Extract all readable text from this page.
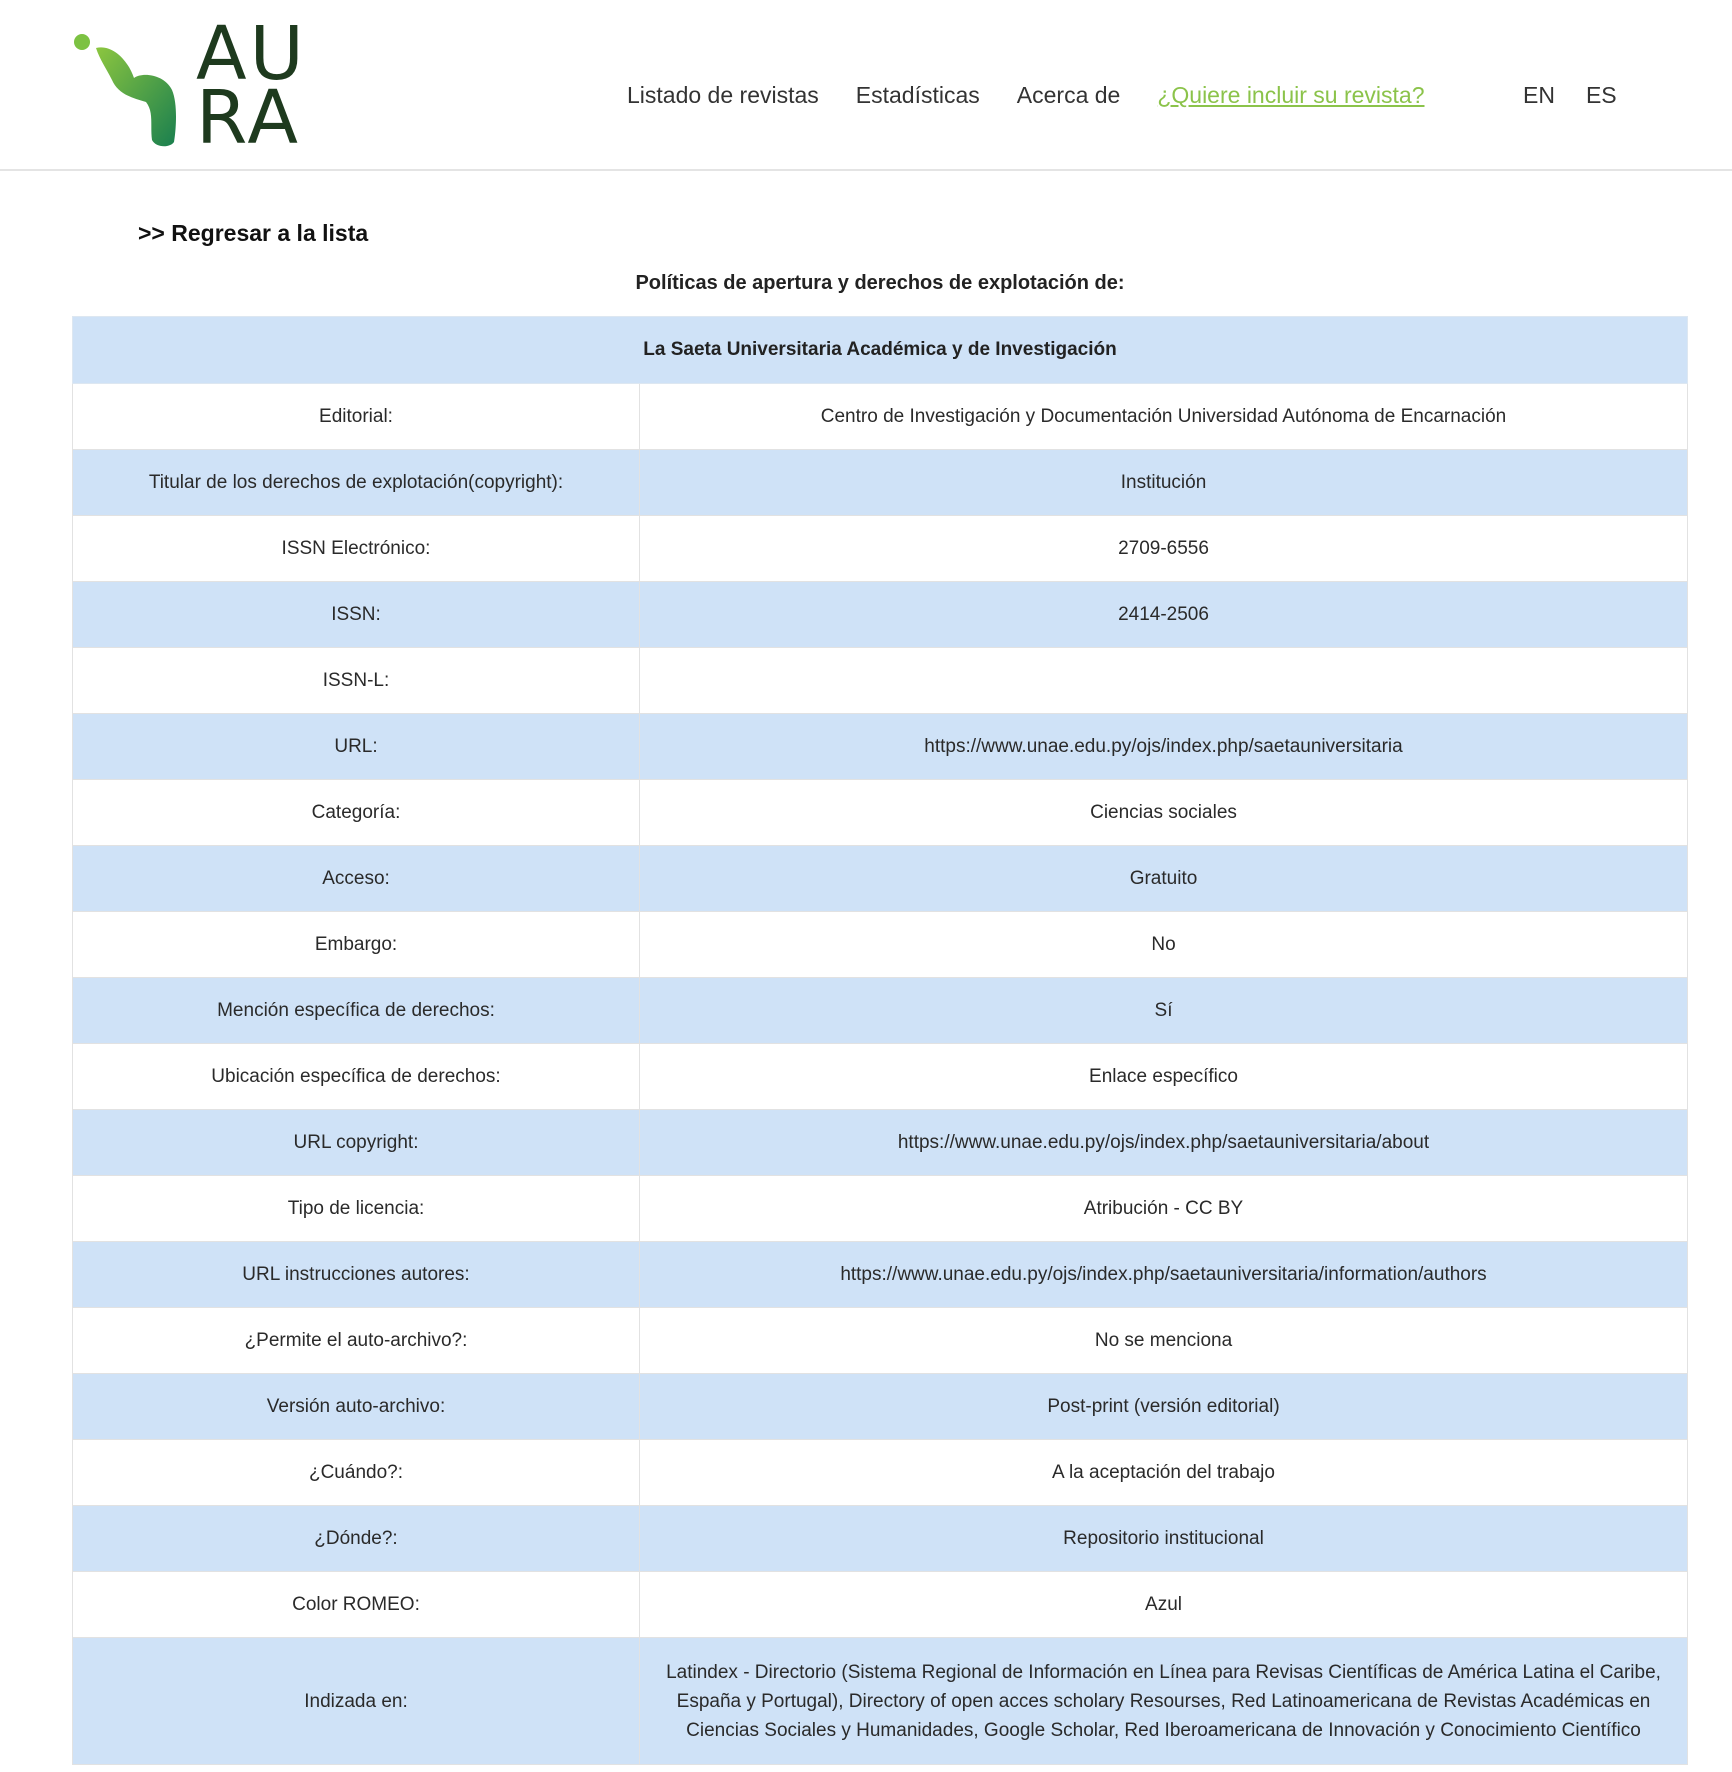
AU
RA	Listado de revistas Estadísticas Acerca de ¿Quiere incluir su revista?	EN ES
>> Regresar a la lista
Políticas de apertura y derechos de explotación de:
La Saeta Universitaria Académica y de Investigación	
Editorial:	Centro de Investigación y Documentación Universidad Autónoma de Encarnación
Titular de los derechos de explotación(copyright):	Institución
ISSN Electrónico:	2709-6556
ISSN:	2414-2506
ISSN-L:	
URL:	https://www.unae.edu.py/ojs/index.php/saetauniversitaria
Categoría:	Ciencias sociales
Acceso:	Gratuito
Embargo:	No
Mención específica de derechos:	Sí
Ubicación específica de derechos:	Enlace específico
URL copyright:	https://www.unae.edu.py/ojs/index.php/saetauniversitaria/about
Tipo de licencia:	Atribución - CC BY
URL instrucciones autores:	https://www.unae.edu.py/ojs/index.php/saetauniversitaria/information/authors
¿Permite el auto-archivo?:	No se menciona
Versión auto-archivo:	Post-print (versión editorial)
¿Cuándo?:	A la aceptación del trabajo
¿Dónde?:	Repositorio institucional
Color ROMEO:	Azul
Indizada en:	Latindex - Directorio (Sistema Regional de Información en Línea para Revisas Científicas de América Latina el Caribe, España y Portugal), Directory of open acces scholary Resourses, Red Latinoamericana de Revistas Académicas en Ciencias Sociales y Humanidades, Google Scholar, Red Iberoamericana de Innovación y Conocimiento Científico
